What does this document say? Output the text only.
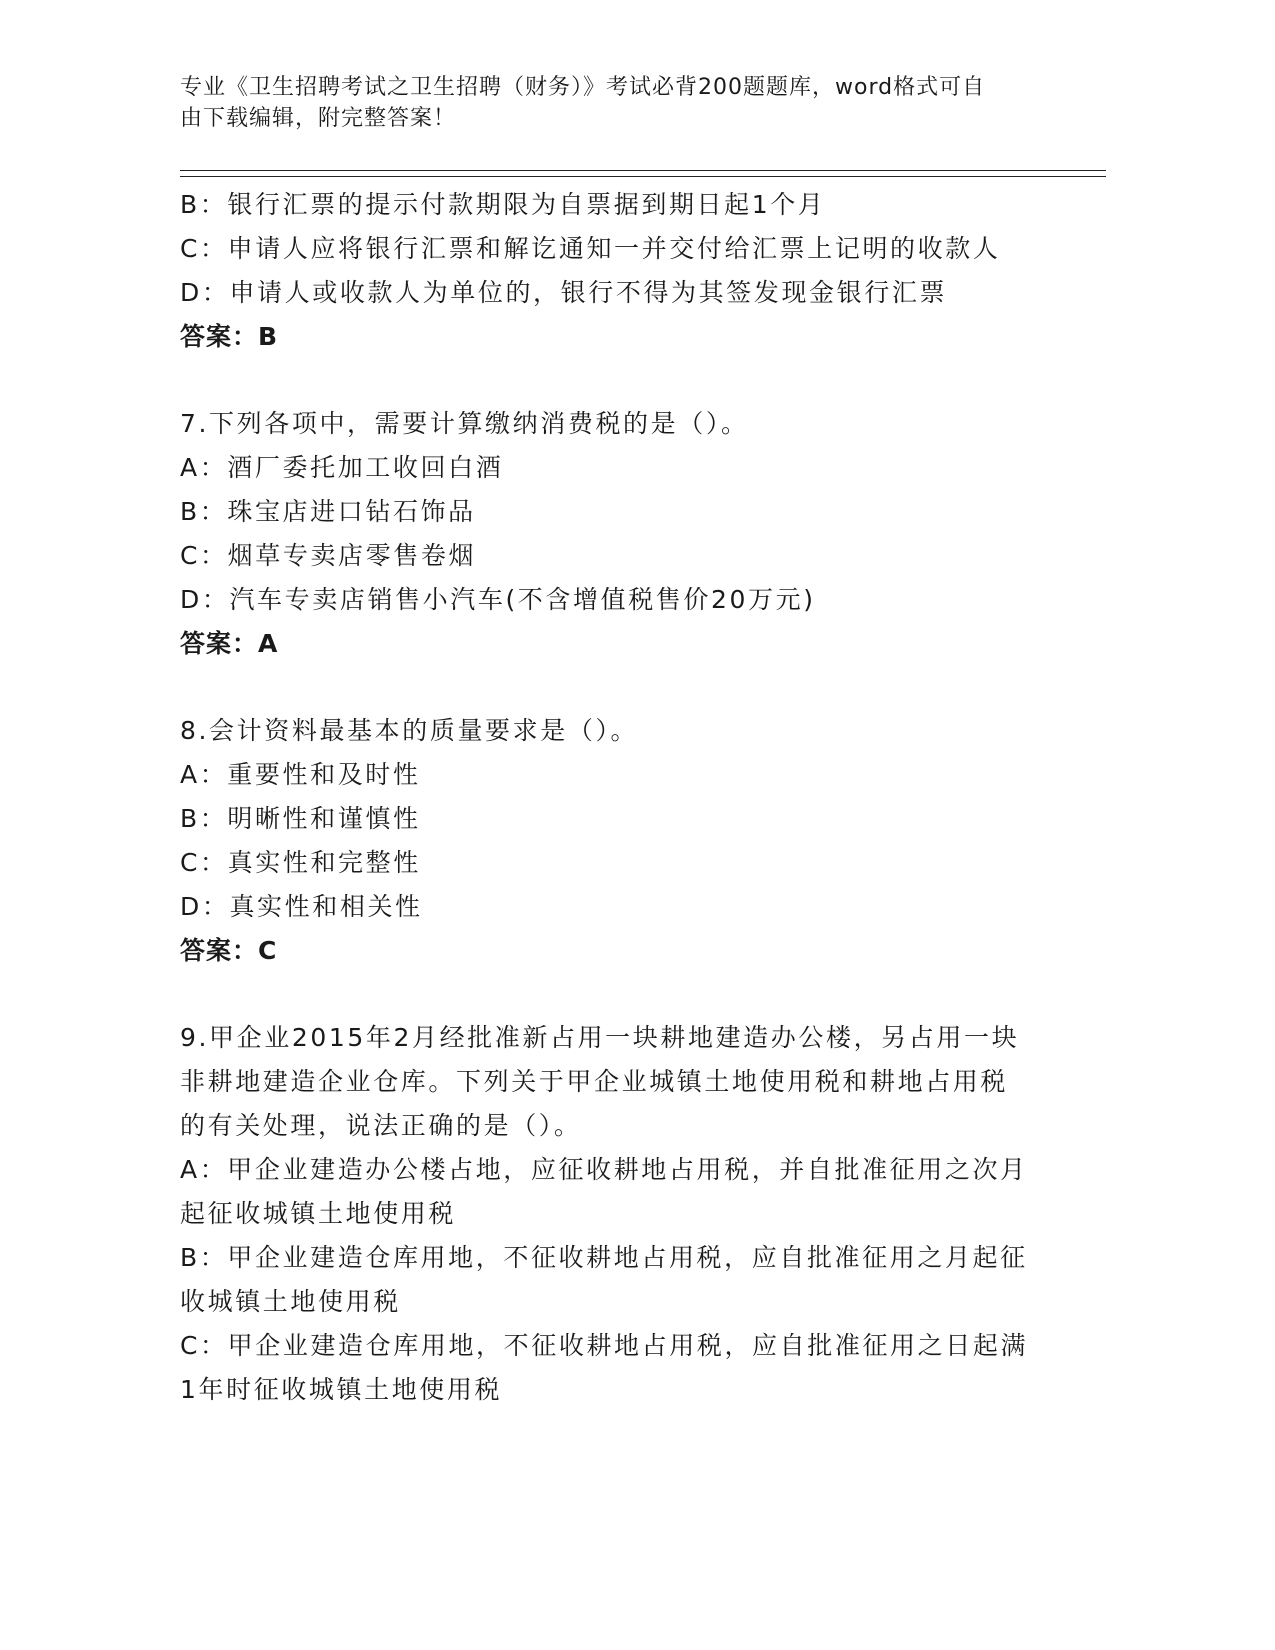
专业《卫生招聘考试之卫生招聘（财务）》考试必背200题题库，word格式可自
由下载编辑，附完整答案！
B：银行汇票的提示付款期限为自票据到期日起1个月
C：申请人应将银行汇票和解讫通知一并交付给汇票上记明的收款人
D：申请人或收款人为单位的，银行不得为其签发现金银行汇票
答案：B
7.下列各项中，需要计算缴纳消费税的是（）。
A：酒厂委托加工收回白酒
B：珠宝店进口钻石饰品
C：烟草专卖店零售卷烟
D：汽车专卖店销售小汽车(不含增值税售价20万元)
答案：A
8.会计资料最基本的质量要求是（）。
A：重要性和及时性
B：明晰性和谨慎性
C：真实性和完整性
D：真实性和相关性
答案：C
9.甲企业2015年2月经批准新占用一块耕地建造办公楼，另占用一块
非耕地建造企业仓库。下列关于甲企业城镇土地使用税和耕地占用税
的有关处理，说法正确的是（）。
A：甲企业建造办公楼占地，应征收耕地占用税，并自批准征用之次月
起征收城镇土地使用税
B：甲企业建造仓库用地，不征收耕地占用税，应自批准征用之月起征
收城镇土地使用税
C：甲企业建造仓库用地，不征收耕地占用税，应自批准征用之日起满
1年时征收城镇土地使用税
